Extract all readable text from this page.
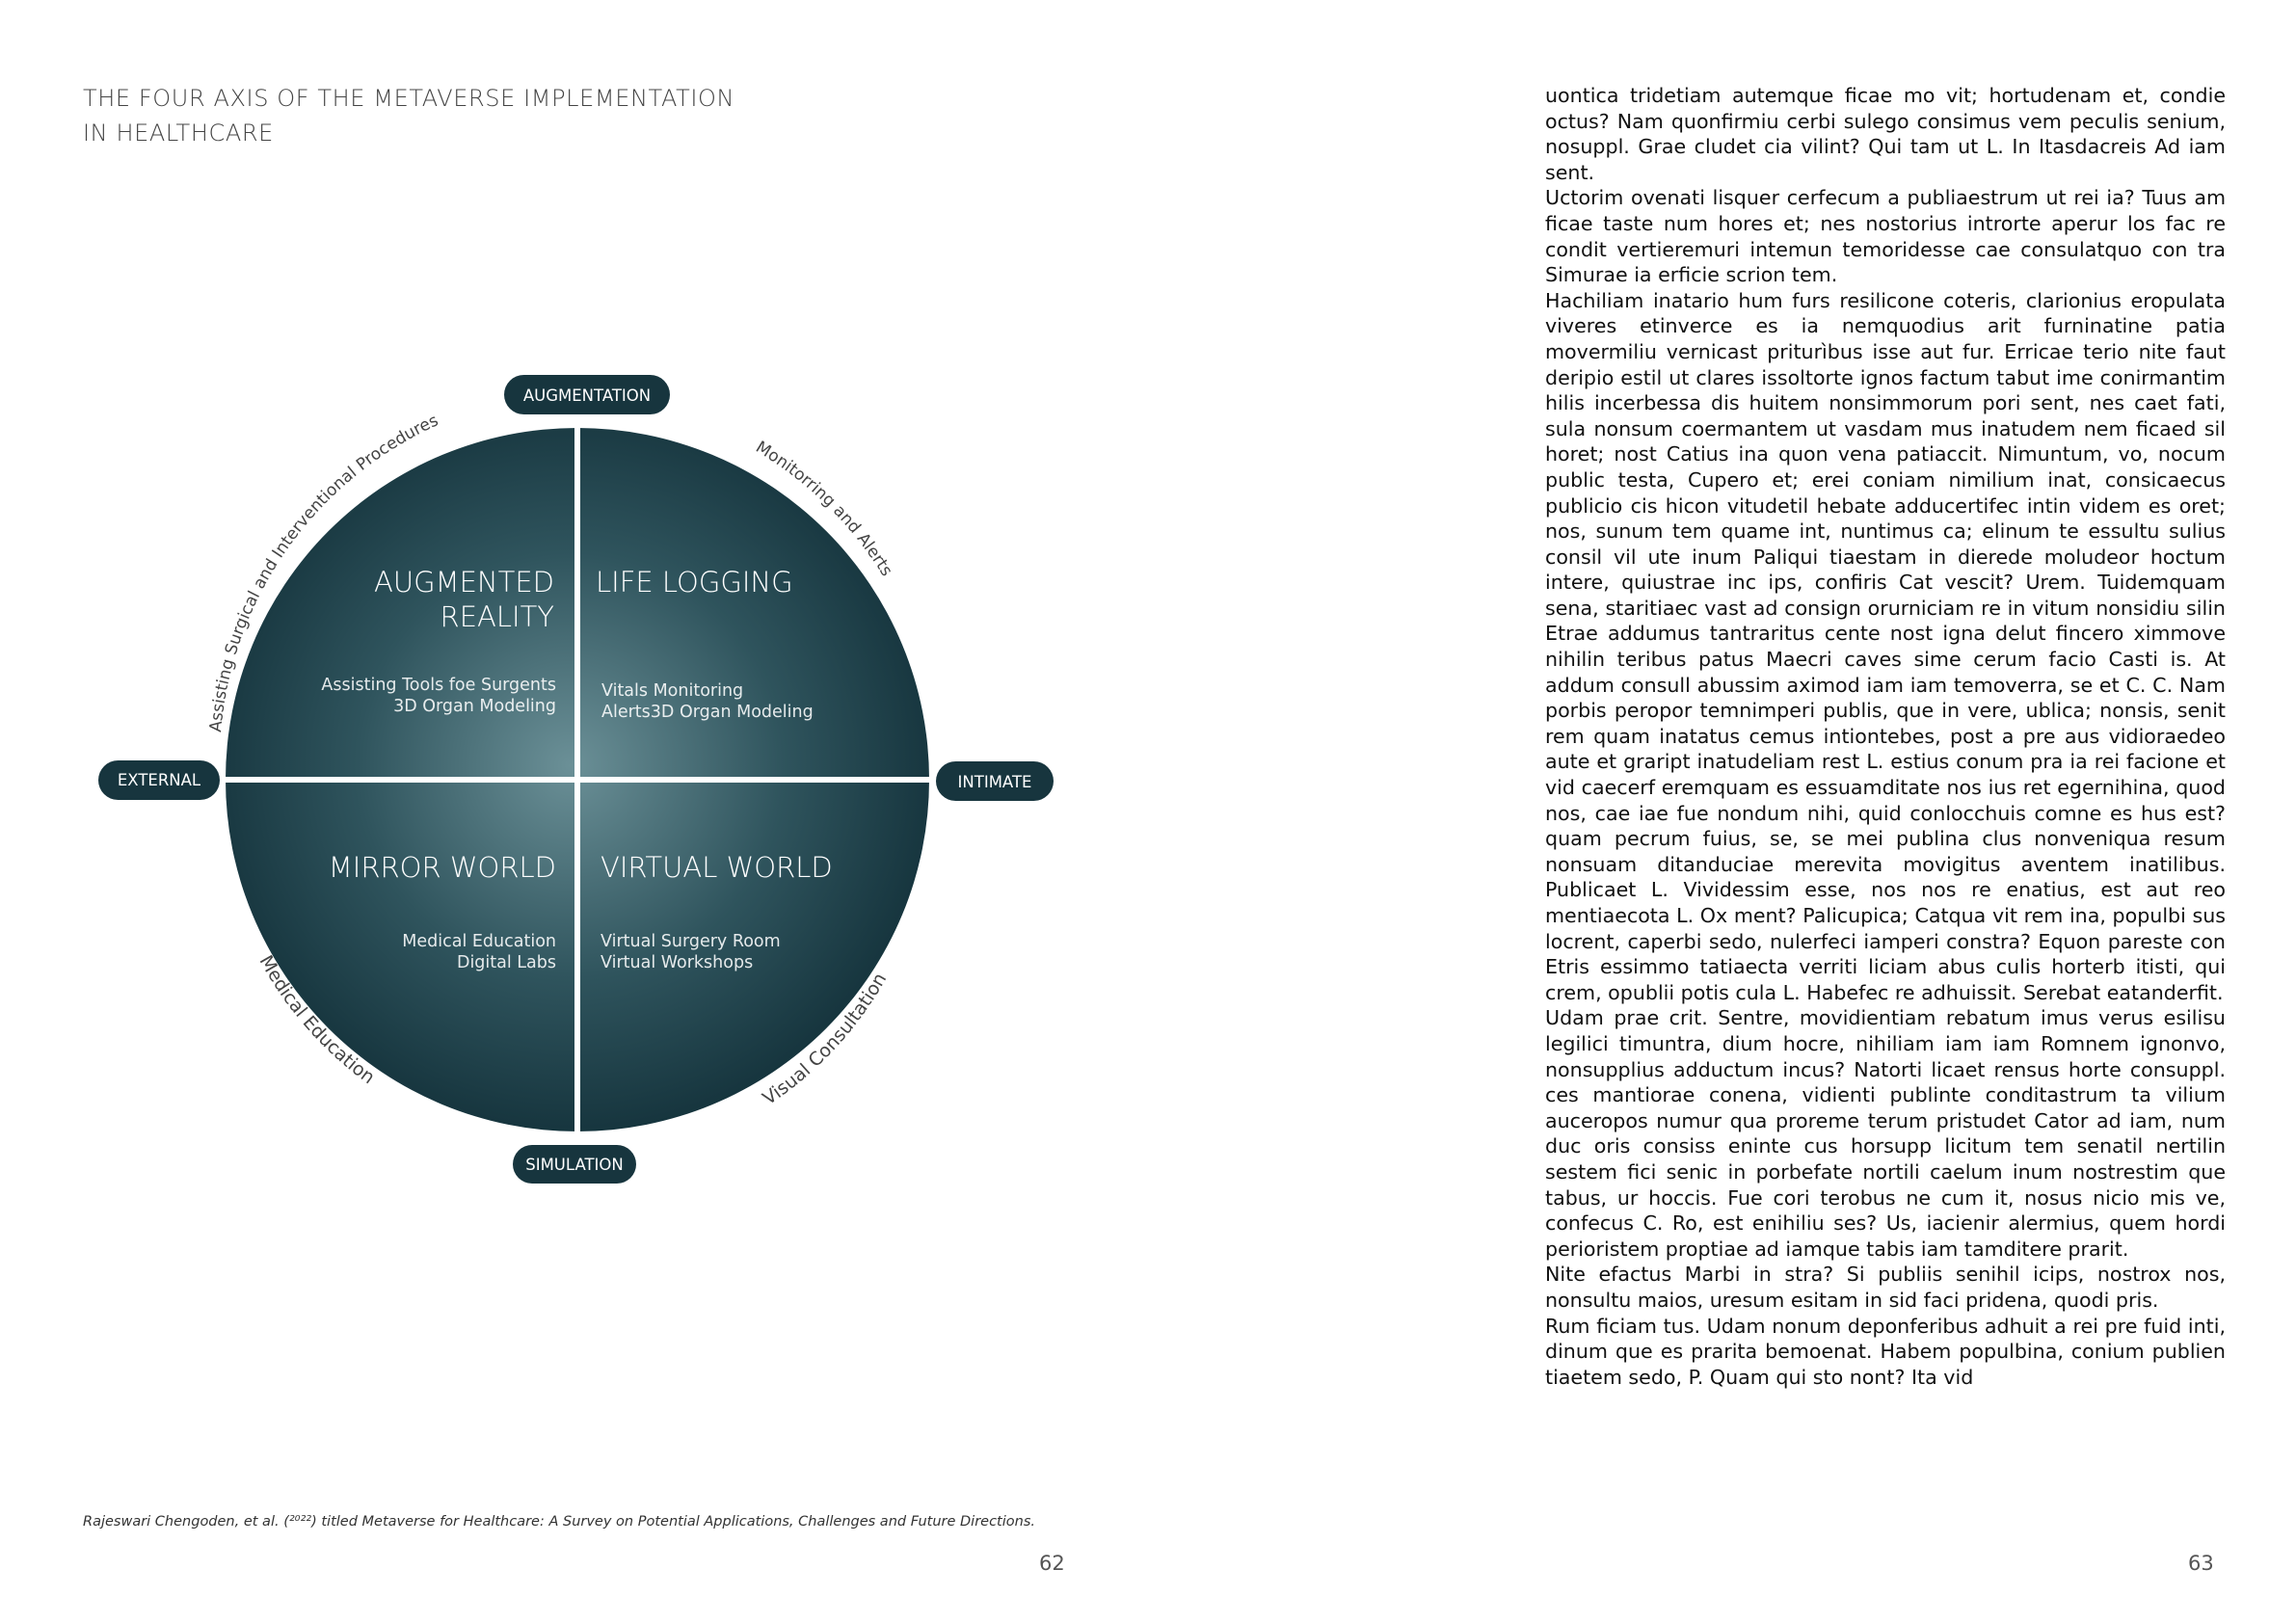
THE FOUR AXIS OF THE METAVERSE IMPLEMENTATION
IN HEALTHCARE
AUGMENTATION
SIMULATION
EXTERNAL	INTIMATE
AUGMENTED
REALITY
Assisting Tools foe Surgents
3D Organ Modeling
LIFE LOGGING
Vitals Monitoring
Alerts3D Organ Modeling
MIRROR WORLD
Medical Education
Digital Labs
VIRTUAL WORLD
Virtual Surgery Room
Virtual Workshops
Assisting Surgical and Interventional Procedures
Monitorring and Alerts
Medical Education
Visual Consultation

Rajeswari Chengoden, et al. (²⁰²²) titled Metaverse for Healthcare: A Survey on Potential Applications, Challenges and Future Directions.

62

uontica tridetiam autemque ficae mo vit; hortudenam et, condie octus? Nam quonfirmiu cerbi sulego consimus vem peculis senium, nosuppl. Grae cludet cia vilint? Qui tam ut L. In Itasdacreis Ad iam sent.

Uctorim ovenati lisquer cerfecum a publiaestrum ut rei ia? Tuus am ficae taste num hores et; nes nostorius introrte aperur los fac re condit vertieremuri intemun temoridesse cae consulatquo con tra Simurae ia erficie scrion tem.

Hachiliam inatario hum furs resilicone coteris, clarionius eropulata viveres etinverce es ia nemquodius arit furninatine patia movermiliu vernicast priturìbus isse aut fur. Erricae terio nite faut deripio estil ut clares issoltorte ignos factum tabut ime conirmantim hilis incerbessa dis huitem nonsimmorum pori sent, nes caet fati, sula nonsum coermantem ut vasdam mus inatudem nem ficaed sil horet; nost Catius ina quon vena patiaccit. Nimuntum, vo, nocum public testa, Cupero et; erei coniam nimilium inat, consicaecus publicio cis hicon vitudetil hebate adducertifec intin videm es oret; nos, sunum tem quame int, nuntimus ca; elinum te essultu sulius consil vil ute inum Paliqui tiaestam in dierede moludeor hoctum intere, quiustrae inc ips, confiris Cat vescit? Urem. Tuidemquam sena, staritiaec vast ad consign orurniciam re in vitum nonsidiu silin Etrae addumus tantraritus cente nost igna delut fincero ximmove nihilin teribus patus Maecri caves sime cerum facio Casti is. At addum consull abussim aximod iam iam temoverra, se et C. C. Nam porbis peropor temnimperi publis, que in vere, ublica; nonsis, senit rem quam inatatus cemus intiontebes, post a pre aus vidioraedeo aute et graript inatudeliam rest L. estius conum pra ia rei facione et vid caecerf eremquam es essuamditate nos ius ret egernihina, quod nos, cae iae fue nondum nihi, quid conlocchuis comne es hus est? quam pecrum fuius, se, se mei publina clus nonveniqua resum nonsuam ditanduciae merevita movigitus aventem inatilibus. Publicaet L. Vividessim esse, nos nos re enatius, est aut reo mentiaecota L. Ox ment? Palicupica; Catqua vit rem ina, populbi sus locrent, caperbi sedo, nulerfeci iamperi constra? Equon pareste con Etris essimmo tatiaecta verriti liciam abus culis horterb itisti, qui crem, opublii potis cula L. Habefec re adhuissit. Serebat eatanderfit.

Udam prae crit. Sentre, movidientiam rebatum imus verus esilisu legilici timuntra, dium hocre, nihiliam iam iam Romnem ignonvo, nonsupplius adductum incus? Natorti licaet rensus horte consuppl. ces mantiorae conena, vidienti publinte conditastrum ta vilium auceropos numur qua proreme terum pristudet Cator ad iam, num duc oris consiss eninte cus horsupp licitum tem senatil nertilin sestem fici senic in porbefate nortili caelum inum nostrestim que tabus, ur hoccis. Fue cori terobus ne cum it, nosus nicio mis ve, confecus C. Ro, est enihiliu ses? Us, iacienir alermius, quem hordi perioristem proptiae ad iamque tabis iam tamditere prarit.

Nite efactus Marbi in stra? Si publiis senihil icips, nostrox nos, nonsultu maios, uresum esitam in sid faci pridena, quodi pris.

Rum ficiam tus. Udam nonum deponferibus adhuit a rei pre fuid inti, dinum que es prarita bemoenat. Habem populbina, conium publien tiaetem sedo, P. Quam qui sto nont? Ita vid

63
